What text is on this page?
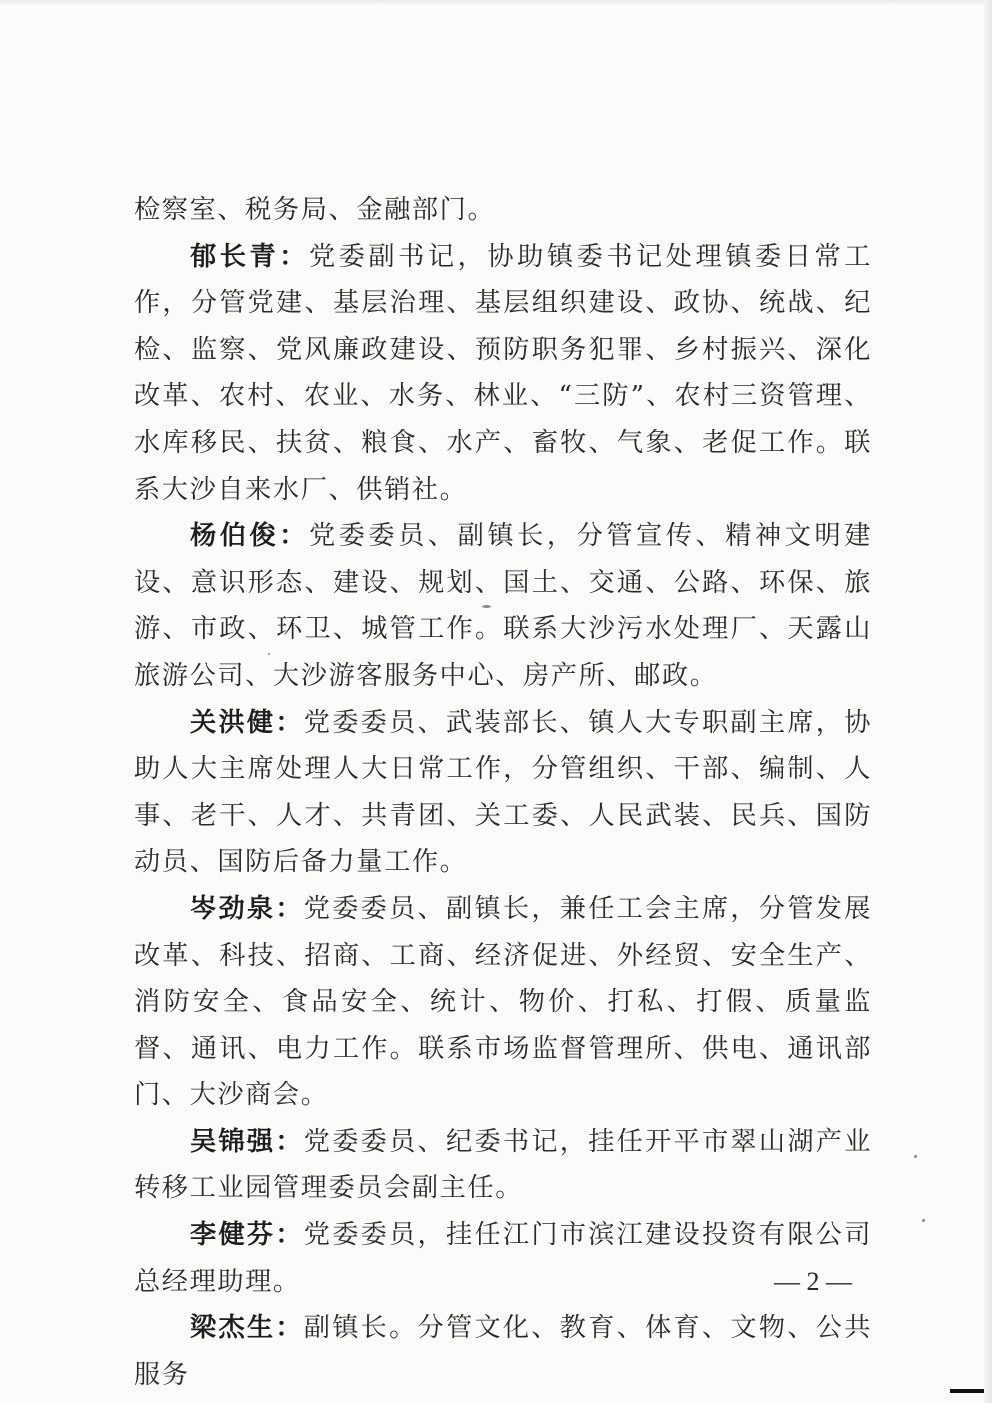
检察室、税务局、金融部门。

郁长青：党委副书记，协助镇委书记处理镇委日常工作，分管党建、基层治理、基层组织建设、政协、统战、纪检、监察、党风廉政建设、预防职务犯罪、乡村振兴、深化改革、农村、农业、水务、林业、“三防”、农村三资管理、水库移民、扶贫、粮食、水产、畜牧、气象、老促工作。联系大沙自来水厂、供销社。

杨伯俊：党委委员、副镇长，分管宣传、精神文明建设、意识形态、建设、规划、国土、交通、公路、环保、旅游、市政、环卫、城管工作。联系大沙污水处理厂、天露山旅游公司、大沙游客服务中心、房产所、邮政。

关洪健：党委委员、武装部长、镇人大专职副主席，协助人大主席处理人大日常工作，分管组织、干部、编制、人事、老干、人才、共青团、关工委、人民武装、民兵、国防动员、国防后备力量工作。

岑劲泉：党委委员、副镇长，兼任工会主席，分管发展改革、科技、招商、工商、经济促进、外经贸、安全生产、消防安全、食品安全、统计、物价、打私、打假、质量监督、通讯、电力工作。联系市场监督管理所、供电、通讯部门、大沙商会。

吴锦强：党委委员、纪委书记，挂任开平市翠山湖产业转移工业园管理委员会副主任。

李健芬：党委委员，挂任江门市滨江建设投资有限公司总经理助理。

梁杰生：副镇长。分管文化、教育、体育、文物、公共服务

— 2 —
